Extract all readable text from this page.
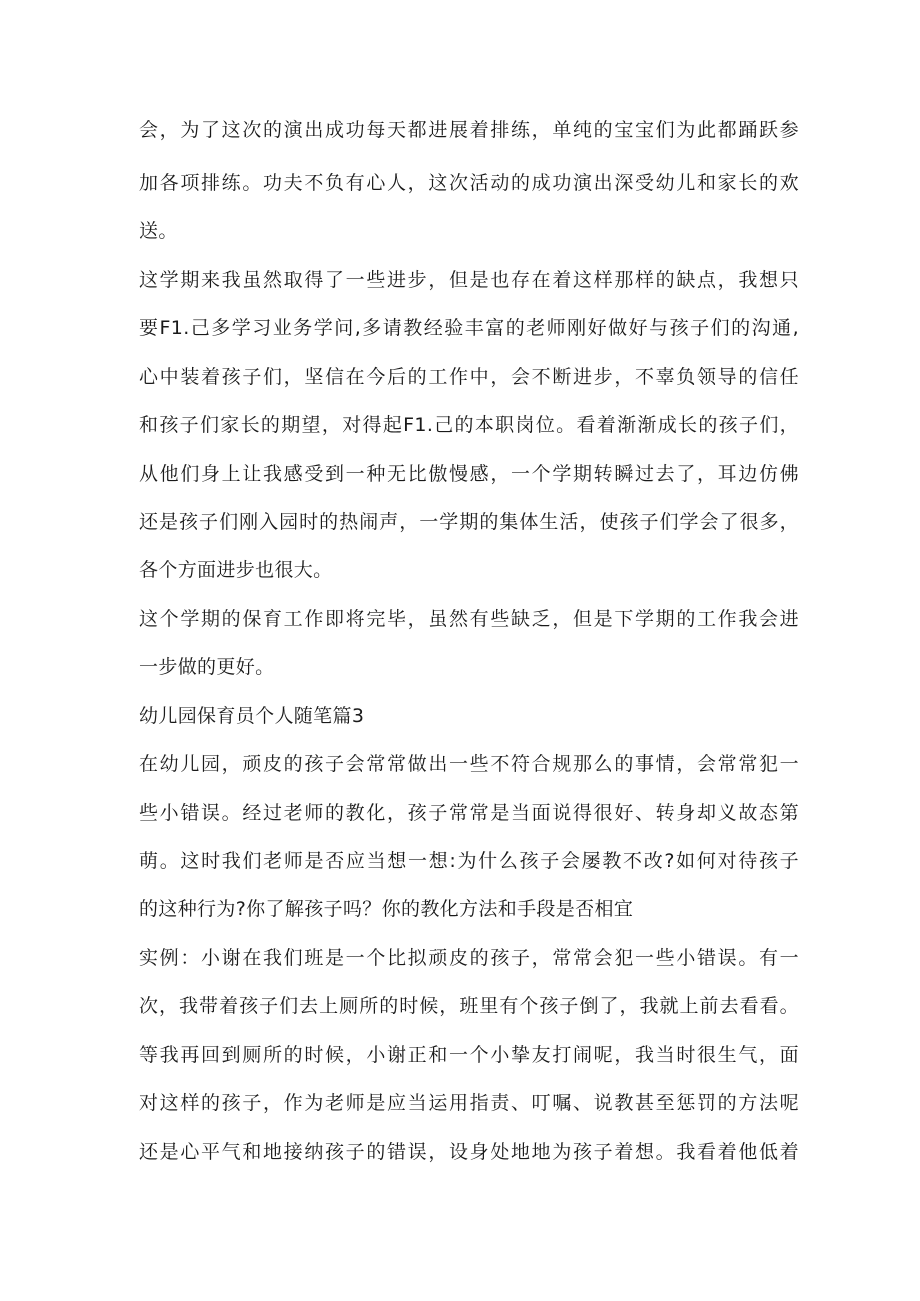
会，为了这次的演出成功每天都进展着排练，单纯的宝宝们为此都踊跃参
加各项排练。功夫不负有心人，这次活动的成功演出深受幼儿和家长的欢
送。
这学期来我虽然取得了一些进步，但是也存在着这样那样的缺点，我想只
要F1.己多学习业务学问,多请教经验丰富的老师刚好做好与孩子们的沟通,
心中装着孩子们，坚信在今后的工作中，会不断进步，不辜负领导的信任
和孩子们家长的期望，对得起F1.己的本职岗位。看着渐渐成长的孩子们，
从他们身上让我感受到一种无比傲慢感，一个学期转瞬过去了，耳边仿佛
还是孩子们刚入园时的热闹声，一学期的集体生活，使孩子们学会了很多，
各个方面进步也很大。
这个学期的保育工作即将完毕，虽然有些缺乏，但是下学期的工作我会进
一步做的更好。
幼儿园保育员个人随笔篇3
在幼儿园，顽皮的孩子会常常做出一些不符合规那么的事情，会常常犯一
些小错误。经过老师的教化，孩子常常是当面说得很好、转身却义故态第
萌。这时我们老师是否应当想一想:为什么孩子会屡教不改?如何对待孩子
的这种行为?你了解孩子吗？你的教化方法和手段是否相宜
实例：小谢在我们班是一个比拟顽皮的孩子，常常会犯一些小错误。有一
次，我带着孩子们去上厕所的时候，班里有个孩子倒了，我就上前去看看。
等我再回到厕所的时候，小谢正和一个小挚友打闹呢，我当时很生气，面
对这样的孩子，作为老师是应当运用指责、叮嘱、说教甚至惩罚的方法呢
还是心平气和地接纳孩子的错误，设身处地地为孩子着想。我看着他低着
